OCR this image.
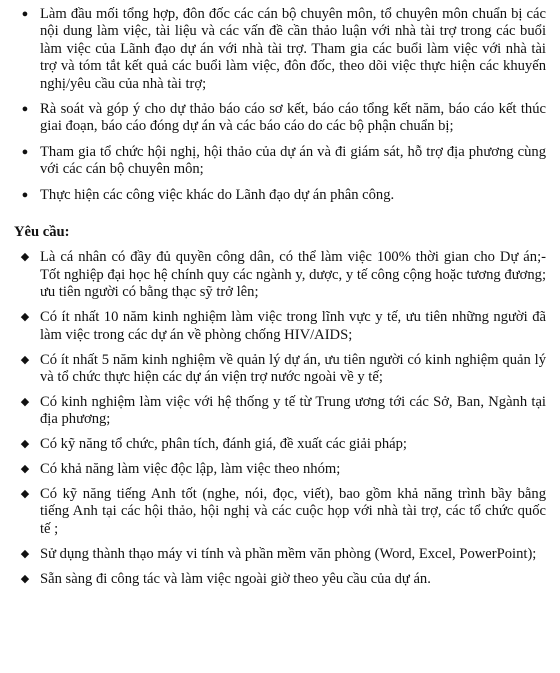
● Làm đầu mối tổng hợp, đôn đốc các cán bộ chuyên môn, tổ chuyên môn chuẩn bị các nội dung làm việc, tài liệu và các vấn đề cần thảo luận với nhà tài trợ trong các buổi làm việc của Lãnh đạo dự án với nhà tài trợ. Tham gia các buổi làm việc với nhà tài trợ và tóm tắt kết quả các buổi làm việc, đôn đốc, theo dõi việc thực hiện các khuyến nghị/yêu cầu của nhà tài trợ;
● Rà soát và góp ý cho dự thảo báo cáo sơ kết, báo cáo tổng kết năm, báo cáo kết thúc giai đoạn, báo cáo đóng dự án và các báo cáo do các bộ phận chuẩn bị;
● Tham gia tổ chức hội nghị, hội thảo của dự án và đi giám sát, hỗ trợ địa phương cùng với các cán bộ chuyên môn;
● Thực hiện các công việc khác do Lãnh đạo dự án phân công.
Yêu cầu:
◆ Là cá nhân có đầy đủ quyền công dân, có thể làm việc 100% thời gian cho Dự án;- Tốt nghiệp đại học hệ chính quy các ngành y, dược, y tế công cộng hoặc tương đương; ưu tiên người có bằng thạc sỹ trở lên;
◆ Có ít nhất 10 năm kinh nghiệm làm việc trong lĩnh vực y tế, ưu tiên những người đã làm việc trong các dự án về phòng chống HIV/AIDS;
◆ Có ít nhất 5 năm kinh nghiệm về quản lý dự án, ưu tiên người có kinh nghiệm quản lý và tổ chức thực hiện các dự án viện trợ nước ngoài về y tế;
◆ Có kinh nghiệm làm việc với hệ thống y tế từ Trung ương tới các Sở, Ban, Ngành tại địa phương;
◆ Có kỹ năng tổ chức, phân tích, đánh giá, đề xuất các giải pháp;
◆ Có khả năng làm việc độc lập, làm việc theo nhóm;
◆ Có kỹ năng tiếng Anh tốt (nghe, nói, đọc, viết), bao gồm khả năng trình bầy bằng tiếng Anh tại các hội thảo, hội nghị và các cuộc họp với nhà tài trợ, các tổ chức quốc tế ;
◆ Sử dụng thành thạo máy vi tính và phần mềm văn phòng (Word, Excel, PowerPoint);
◆ Sẵn sàng đi công tác và làm việc ngoài giờ theo yêu cầu của dự án.
